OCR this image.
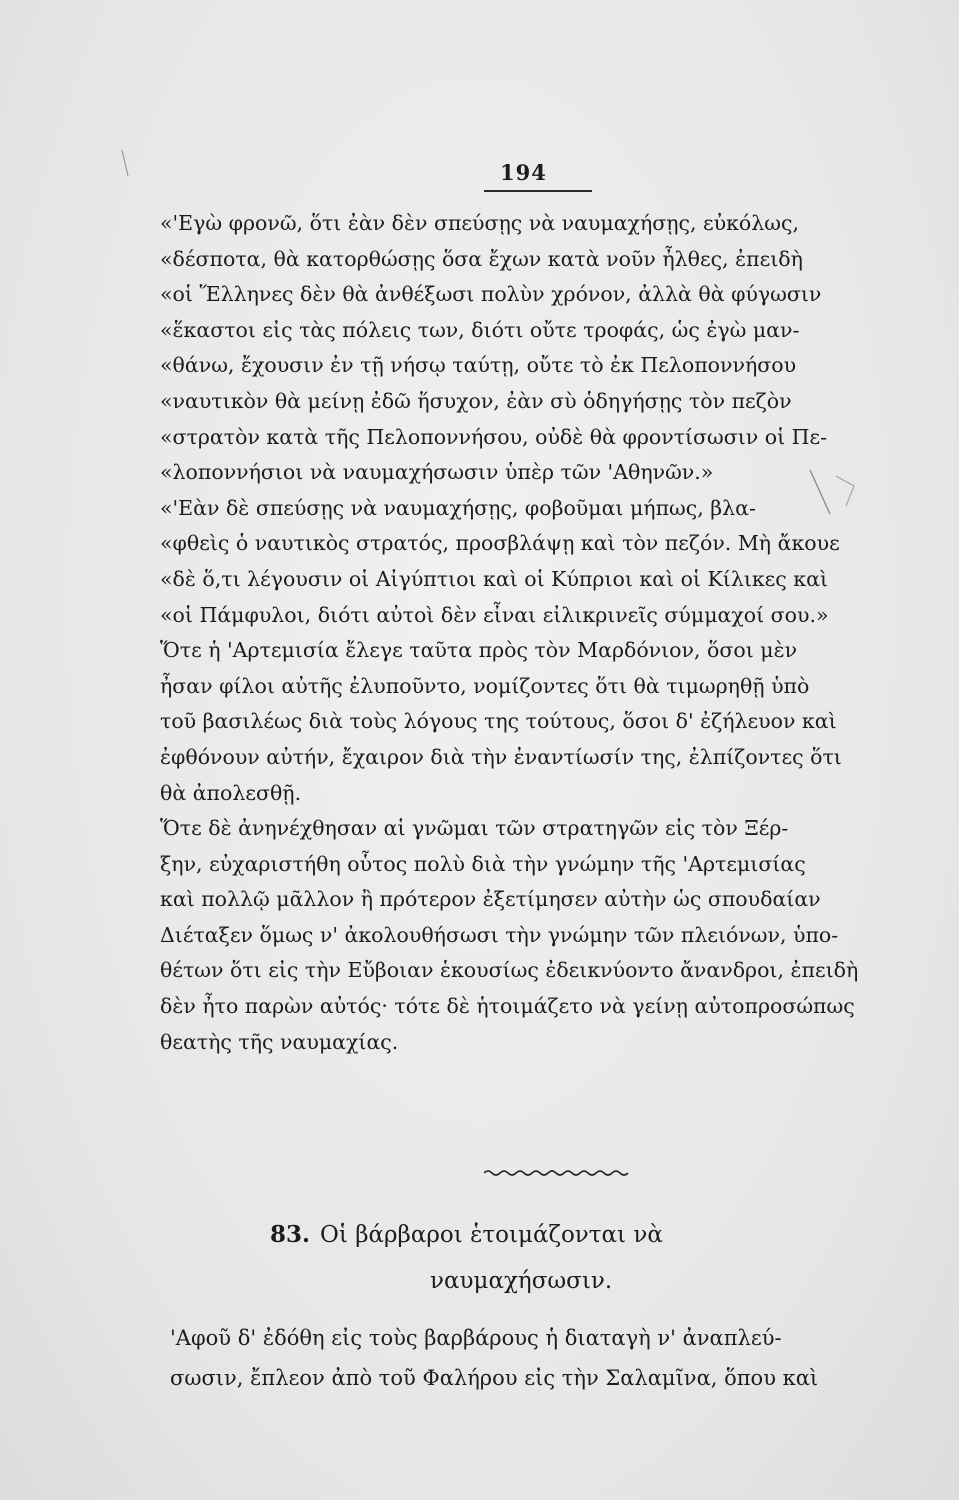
194
«'Εγὼ φρονῶ, ὅτι ἐὰν δὲν σπεύσῃς νὰ ναυμαχήσῃς, εὐκόλως,
«δέσποτα, θὰ κατορθώσῃς ὅσα ἔχων κατὰ νοῦν ἦλθες, ἐπειδὴ
«οἱ Ἕλληνες δὲν θὰ ἀνθέξωσι πολὺν χρόνον, ἀλλὰ θὰ φύγωσιν
«ἕκαστοι εἰς τὰς πόλεις των, διότι οὔτε τροφάς, ὡς ἐγὼ μαν-
«θάνω, ἔχουσιν ἐν τῇ νήσῳ ταύτῃ, οὔτε τὸ ἐκ Πελοποννήσου
«ναυτικὸν θὰ μείνῃ ἐδῶ ἥσυχον, ἐὰν σὺ ὁδηγήσῃς τὸν πεζὸν
«στρατὸν κατὰ τῆς Πελοποννήσου, οὐδὲ θὰ φροντίσωσιν οἱ Πε-
«λοποννήσιοι νὰ ναυμαχήσωσιν ὑπὲρ τῶν 'Αθηνῶν.»
«'Εὰν δὲ σπεύσῃς νὰ ναυμαχήσῃς, φοβοῦμαι μήπως, βλα-
«φθεὶς ὁ ναυτικὸς στρατός, προσβλάψῃ καὶ τὸν πεζόν. Μὴ ἄκουε
«δὲ ὅ,τι λέγουσιν οἱ Αἰγύπτιοι καὶ οἱ Κύπριοι καὶ οἱ Κίλικες καὶ
«οἱ Πάμφυλοι, διότι αὐτοὶ δὲν εἶναι εἰλικρινεῖς σύμμαχοί σου.»
Ὅτε ἡ 'Αρτεμισία ἔλεγε ταῦτα πρὸς τὸν Μαρδόνιον, ὅσοι μὲν
ἦσαν φίλοι αὐτῆς ἐλυποῦντο, νομίζοντες ὅτι θὰ τιμωρηθῇ ὑπὸ
τοῦ βασιλέως διὰ τοὺς λόγους της τούτους, ὅσοι δ' ἐζήλευον καὶ
ἐφθόνουν αὐτήν, ἔχαιρον διὰ τὴν ἐναντίωσίν της, ἐλπίζοντες ὅτι
θὰ ἀπολεσθῇ.
Ὅτε δὲ ἀνηνέχθησαν αἱ γνῶμαι τῶν στρατηγῶν εἰς τὸν Ξέρ-
ξην, εὐχαριστήθη οὗτος πολὺ διὰ τὴν γνώμην τῆς 'Αρτεμισίας
καὶ πολλῷ μᾶλλον ἢ πρότερον ἐξετίμησεν αὐτὴν ὡς σπουδαίαν
Διέταξεν ὅμως ν' ἀκολουθήσωσι τὴν γνώμην τῶν πλειόνων, ὑπο-
θέτων ὅτι εἰς τὴν Εὔβοιαν ἑκουσίως ἐδεικνύοντο ἄνανδροι, ἐπειδὴ
δὲν ἦτο παρὼν αὐτός· τότε δὲ ἡτοιμάζετο νὰ γείνῃ αὐτοπροσώπως
θεατὴς τῆς ναυμαχίας.
83. Οἱ βάρβαροι ἑτοιμάζονται νὰ
ναυμαχήσωσιν.
'Αφοῦ δ' ἐδόθη εἰς τοὺς βαρβάρους ἡ διαταγὴ ν' ἀναπλεύ-
σωσιν, ἔπλεον ἀπὸ τοῦ Φαλήρου εἰς τὴν Σαλαμῖνα, ὅπου καὶ
